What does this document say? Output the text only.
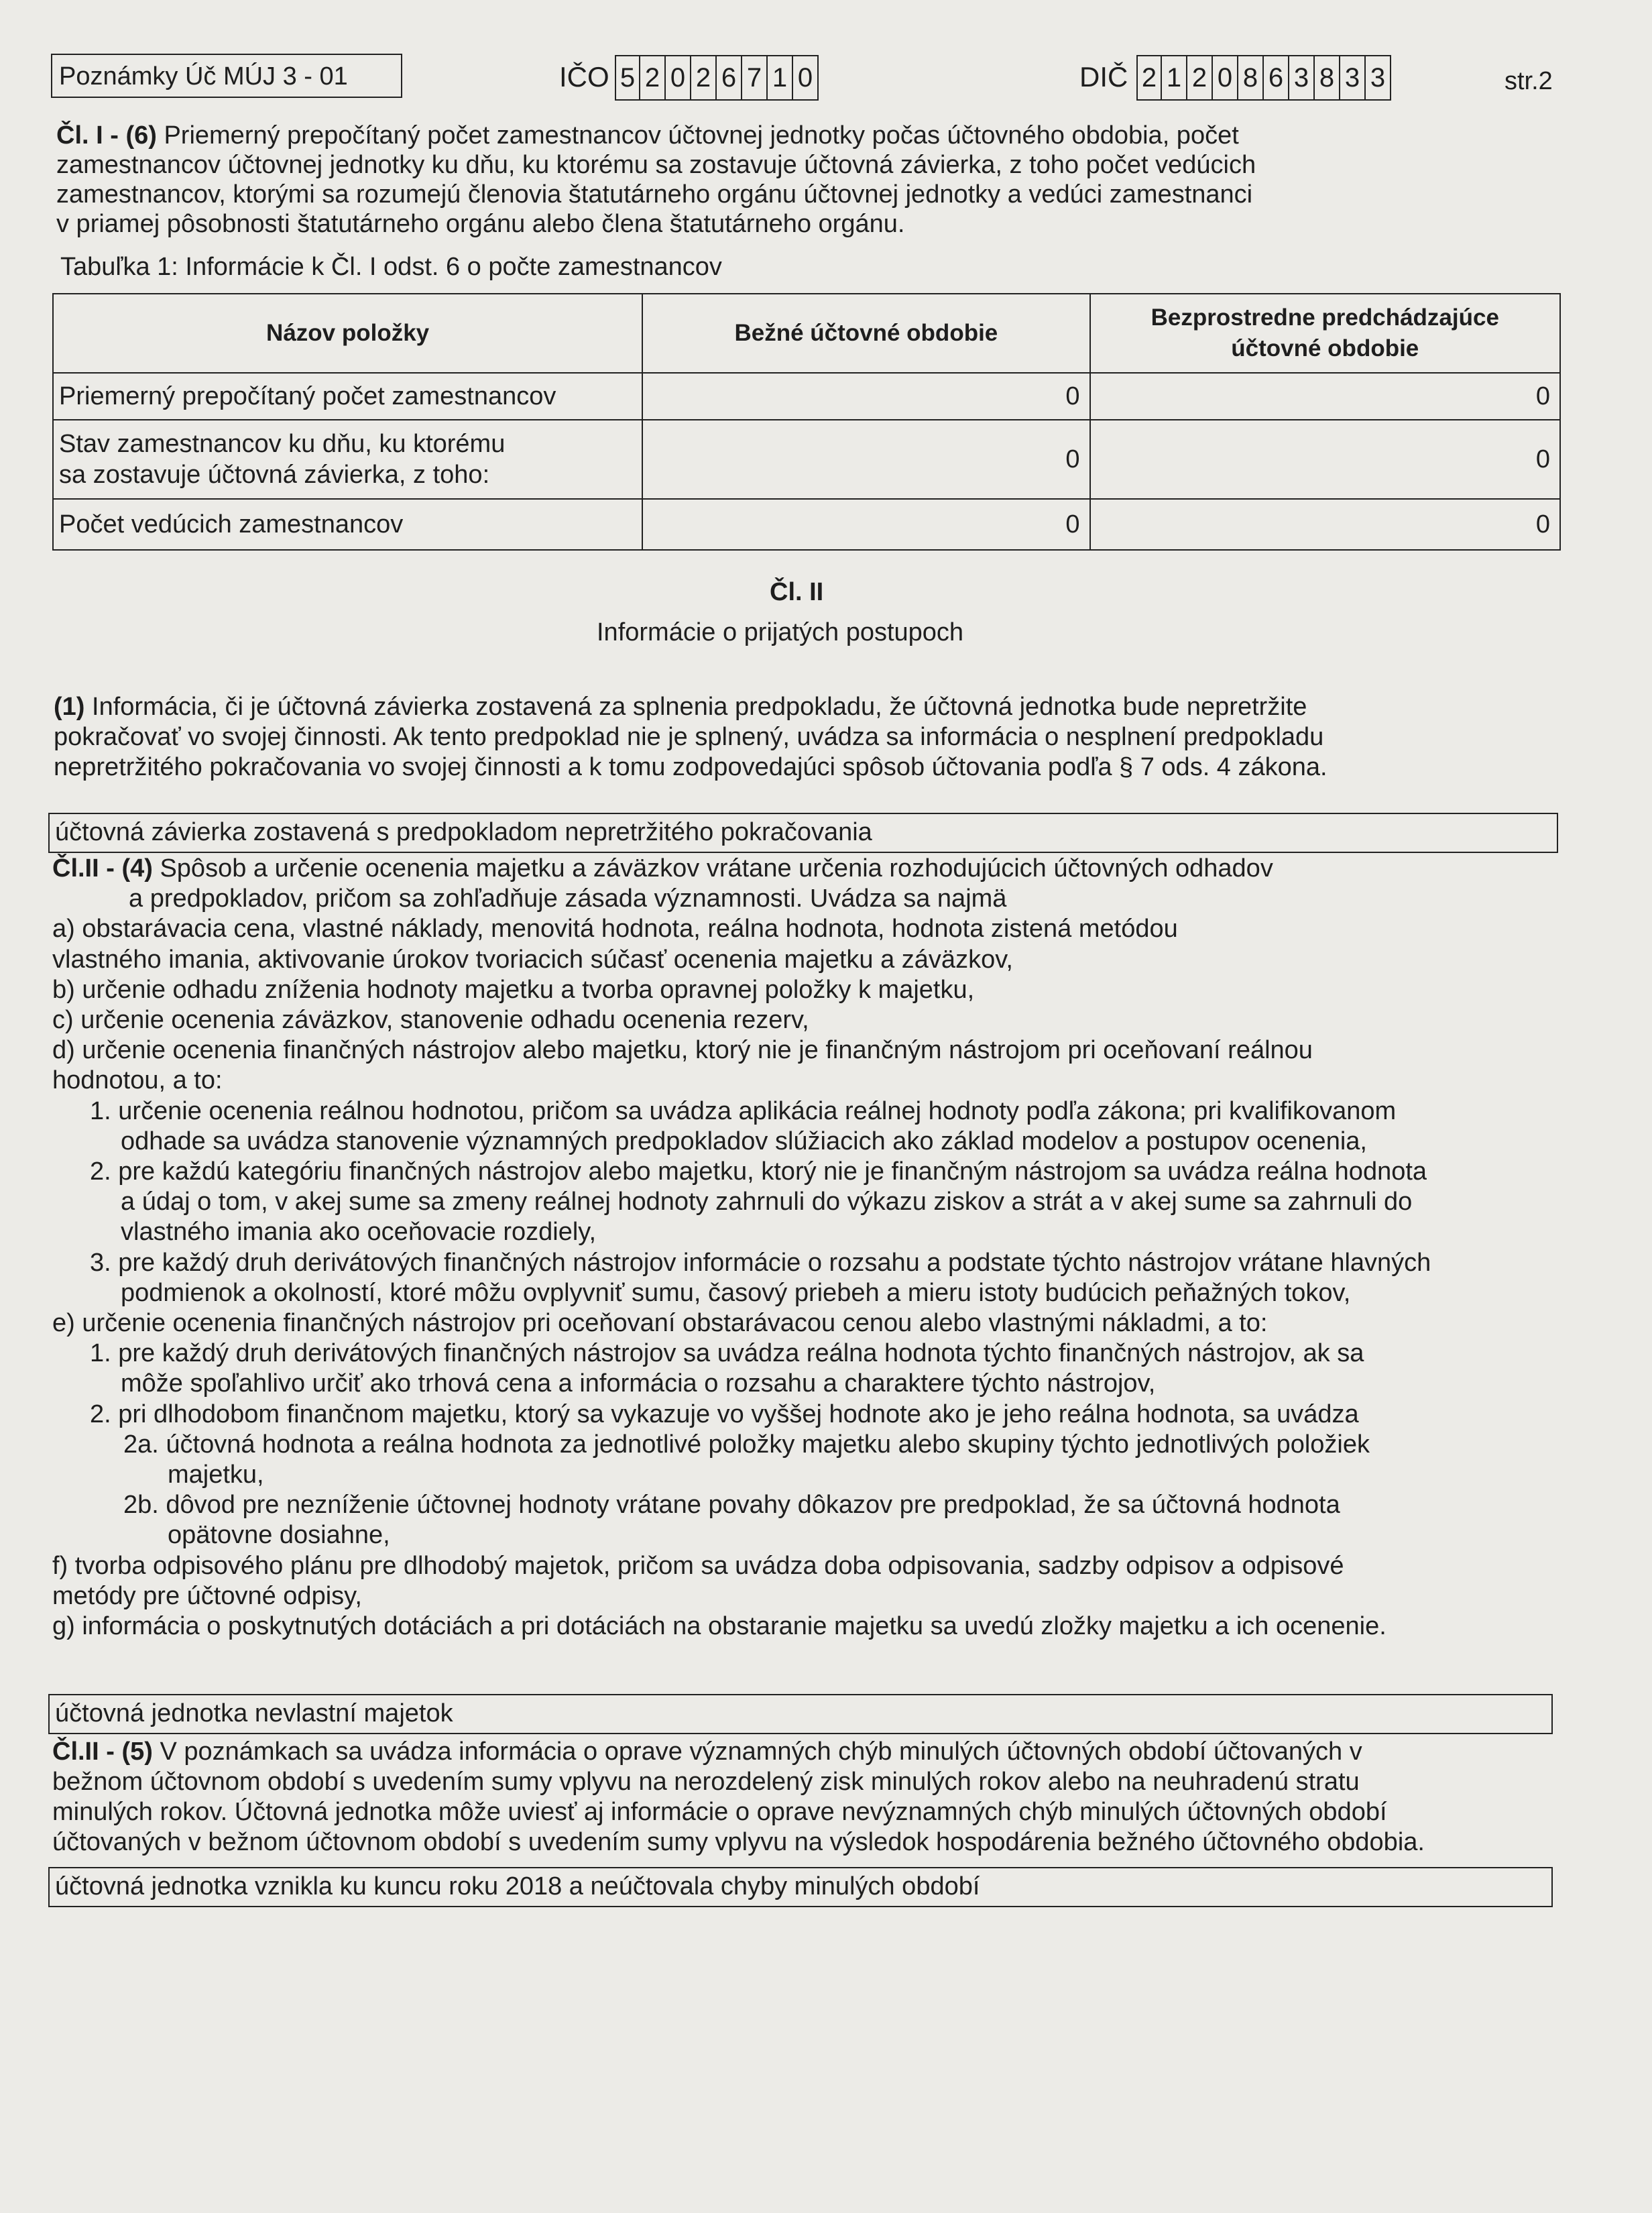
Poznámky Úč MÚJ 3 - 01	IČO 5 2 0 2 6 7 1 0	DIČ 2 1 2 0 8 6 3 8 3 3	str.2
Čl. I - (6) Priemerný prepočítaný počet zamestnancov účtovnej jednotky počas účtovného obdobia, počet
zamestnancov účtovnej jednotky ku dňu, ku ktorému sa zostavuje účtovná závierka, z toho počet vedúcich
zamestnancov, ktorými sa rozumejú členovia štatutárneho orgánu účtovnej jednotky a vedúci zamestnanci
v priamej pôsobnosti štatutárneho orgánu alebo člena štatutárneho orgánu.
Tabuľka 1: Informácie k Čl. I odst. 6 o počte zamestnancov
Názov položky	Bežné účtovné obdobie	Bezprostredne predchádzajúce
účtovné obdobie

Priemerný prepočítaný počet zamestnancov	0	0

Stav zamestnancov ku dňu, ku ktorému
sa zostavuje účtovná závierka, z toho:	0	0

Počet vedúcich zamestnancov	0	0
Čl. II
Informácie o prijatých postupoch
(1) Informácia, či je účtovná závierka zostavená za splnenia predpokladu, že účtovná jednotka bude nepretržite
pokračovať vo svojej činnosti. Ak tento predpoklad nie je splnený, uvádza sa informácia o nesplnení predpokladu
nepretržitého pokračovania vo svojej činnosti a k tomu zodpovedajúci spôsob účtovania podľa § 7 ods. 4 zákona.
účtovná závierka zostavená s predpokladom nepretržitého pokračovania
Čl.II - (4) Spôsob a určenie ocenenia majetku a záväzkov vrátane určenia rozhodujúcich účtovných odhadov
a predpokladov, pričom sa zohľadňuje zásada významnosti. Uvádza sa najmä
a) obstarávacia cena, vlastné náklady, menovitá hodnota, reálna hodnota, hodnota zistená metódou
vlastného imania, aktivovanie úrokov tvoriacich súčasť ocenenia majetku a záväzkov,
b) určenie odhadu zníženia hodnoty majetku a tvorba opravnej položky k majetku,
c) určenie ocenenia záväzkov, stanovenie odhadu ocenenia rezerv,
d) určenie ocenenia finančných nástrojov alebo majetku, ktorý nie je finančným nástrojom pri oceňovaní reálnou
hodnotou, a to:
1. určenie ocenenia reálnou hodnotou, pričom sa uvádza aplikácia reálnej hodnoty podľa zákona; pri kvalifikovanom
odhade sa uvádza stanovenie významných predpokladov slúžiacich ako základ modelov a postupov ocenenia,
2. pre každú kategóriu finančných nástrojov alebo majetku, ktorý nie je finančným nástrojom sa uvádza reálna hodnota
a údaj o tom, v akej sume sa zmeny reálnej hodnoty zahrnuli do výkazu ziskov a strát a v akej sume sa zahrnuli do
vlastného imania ako oceňovacie rozdiely,
3. pre každý druh derivátových finančných nástrojov informácie o rozsahu a podstate týchto nástrojov vrátane hlavných
podmienok a okolností, ktoré môžu ovplyvniť sumu, časový priebeh a mieru istoty budúcich peňažných tokov,
e) určenie ocenenia finančných nástrojov pri oceňovaní obstarávacou cenou alebo vlastnými nákladmi, a to:
1. pre každý druh derivátových finančných nástrojov sa uvádza reálna hodnota týchto finančných nástrojov, ak sa
môže spoľahlivo určiť ako trhová cena a informácia o rozsahu a charaktere týchto nástrojov,
2. pri dlhodobom finančnom majetku, ktorý sa vykazuje vo vyššej hodnote ako je jeho reálna hodnota, sa uvádza
2a. účtovná hodnota a reálna hodnota za jednotlivé položky majetku alebo skupiny týchto jednotlivých položiek
majetku,
2b. dôvod pre nezníženie účtovnej hodnoty vrátane povahy dôkazov pre predpoklad, že sa účtovná hodnota
opätovne dosiahne,
f) tvorba odpisového plánu pre dlhodobý majetok, pričom sa uvádza doba odpisovania, sadzby odpisov a odpisové
metódy pre účtovné odpisy,
g) informácia o poskytnutých dotáciách a pri dotáciách na obstaranie majetku sa uvedú zložky majetku a ich ocenenie.
účtovná jednotka nevlastní majetok
Čl.II - (5) V poznámkach sa uvádza informácia o oprave významných chýb minulých účtovných období účtovaných v
bežnom účtovnom období s uvedením sumy vplyvu na nerozdelený zisk minulých rokov alebo na neuhradenú stratu
minulých rokov. Účtovná jednotka môže uviesť aj informácie o oprave nevýznamných chýb minulých účtovných období
účtovaných v bežnom účtovnom období s uvedením sumy vplyvu na výsledok hospodárenia bežného účtovného obdobia.
účtovná jednotka vznikla ku kuncu roku 2018 a neúčtovala chyby minulých období
